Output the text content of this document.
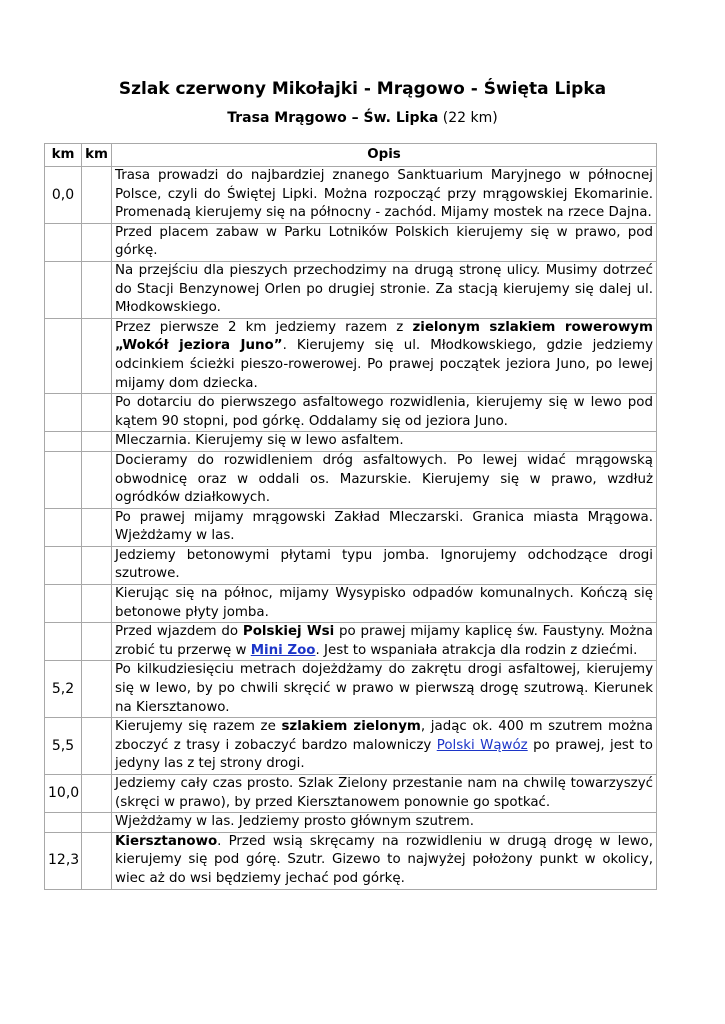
Szlak czerwony Mikołajki - Mrągowo - Święta Lipka
Trasa Mrągowo – Św. Lipka (22 km)
km	km	Opis
0,0		Trasa prowadzi do najbardziej znanego Sanktuarium Maryjnego w północnej Polsce, czyli do Świętej Lipki. Można rozpocząć przy mrągowskiej Ekomarinie. Promenadą kierujemy się na północny - zachód. Mijamy mostek na rzece Dajna.
		Przed placem zabaw w Parku Lotników Polskich kierujemy się w prawo, pod górkę.
		Na przejściu dla pieszych przechodzimy na drugą stronę ulicy. Musimy dotrzeć do Stacji Benzynowej Orlen po drugiej stronie. Za stacją kierujemy się dalej ul. Młodkowskiego.
		Przez pierwsze 2 km jedziemy razem z zielonym szlakiem rowerowym „Wokół jeziora Juno”. Kierujemy się ul. Młodkowskiego, gdzie jedziemy odcinkiem ścieżki pieszo-rowerowej. Po prawej początek jeziora Juno, po lewej mijamy dom dziecka.
		Po dotarciu do pierwszego asfaltowego rozwidlenia, kierujemy się w lewo pod kątem 90 stopni, pod górkę. Oddalamy się od jeziora Juno.
		Mleczarnia. Kierujemy się w lewo asfaltem.
		Docieramy do rozwidleniem dróg asfaltowych. Po lewej widać mrągowską obwodnicę oraz w oddali os. Mazurskie. Kierujemy się w prawo, wzdłuż ogródków działkowych.
		Po prawej mijamy mrągowski Zakład Mleczarski. Granica miasta Mrągowa. Wjeżdżamy w las.
		Jedziemy betonowymi płytami typu jomba. Ignorujemy odchodzące drogi szutrowe.
		Kierując się na północ, mijamy Wysypisko odpadów komunalnych. Kończą się betonowe płyty jomba.
		Przed wjazdem do Polskiej Wsi po prawej mijamy kaplicę św. Faustyny. Można zrobić tu przerwę w Mini Zoo. Jest to wspaniała atrakcja dla rodzin z dziećmi.
5,2		Po kilkudziesięciu metrach dojeżdżamy do zakrętu drogi asfaltowej, kierujemy się w lewo, by po chwili skręcić w prawo w pierwszą drogę szutrową. Kierunek na Kiersztanowo.
5,5		Kierujemy się razem ze szlakiem zielonym, jadąc ok. 400 m szutrem można zboczyć z trasy i zobaczyć bardzo malowniczy Polski Wąwóz po prawej, jest to jedyny las z tej strony drogi.
10,0		Jedziemy cały czas prosto. Szlak Zielony przestanie nam na chwilę towarzyszyć (skręci w prawo), by przed Kiersztanowem ponownie go spotkać.
		Wjeżdżamy w las. Jedziemy prosto głównym szutrem.
12,3		Kiersztanowo. Przed wsią skręcamy na rozwidleniu w drugą drogę w lewo, kierujemy się pod górę. Szutr. Gizewo to najwyżej położony punkt w okolicy, wiec aż do wsi będziemy jechać pod górkę.
